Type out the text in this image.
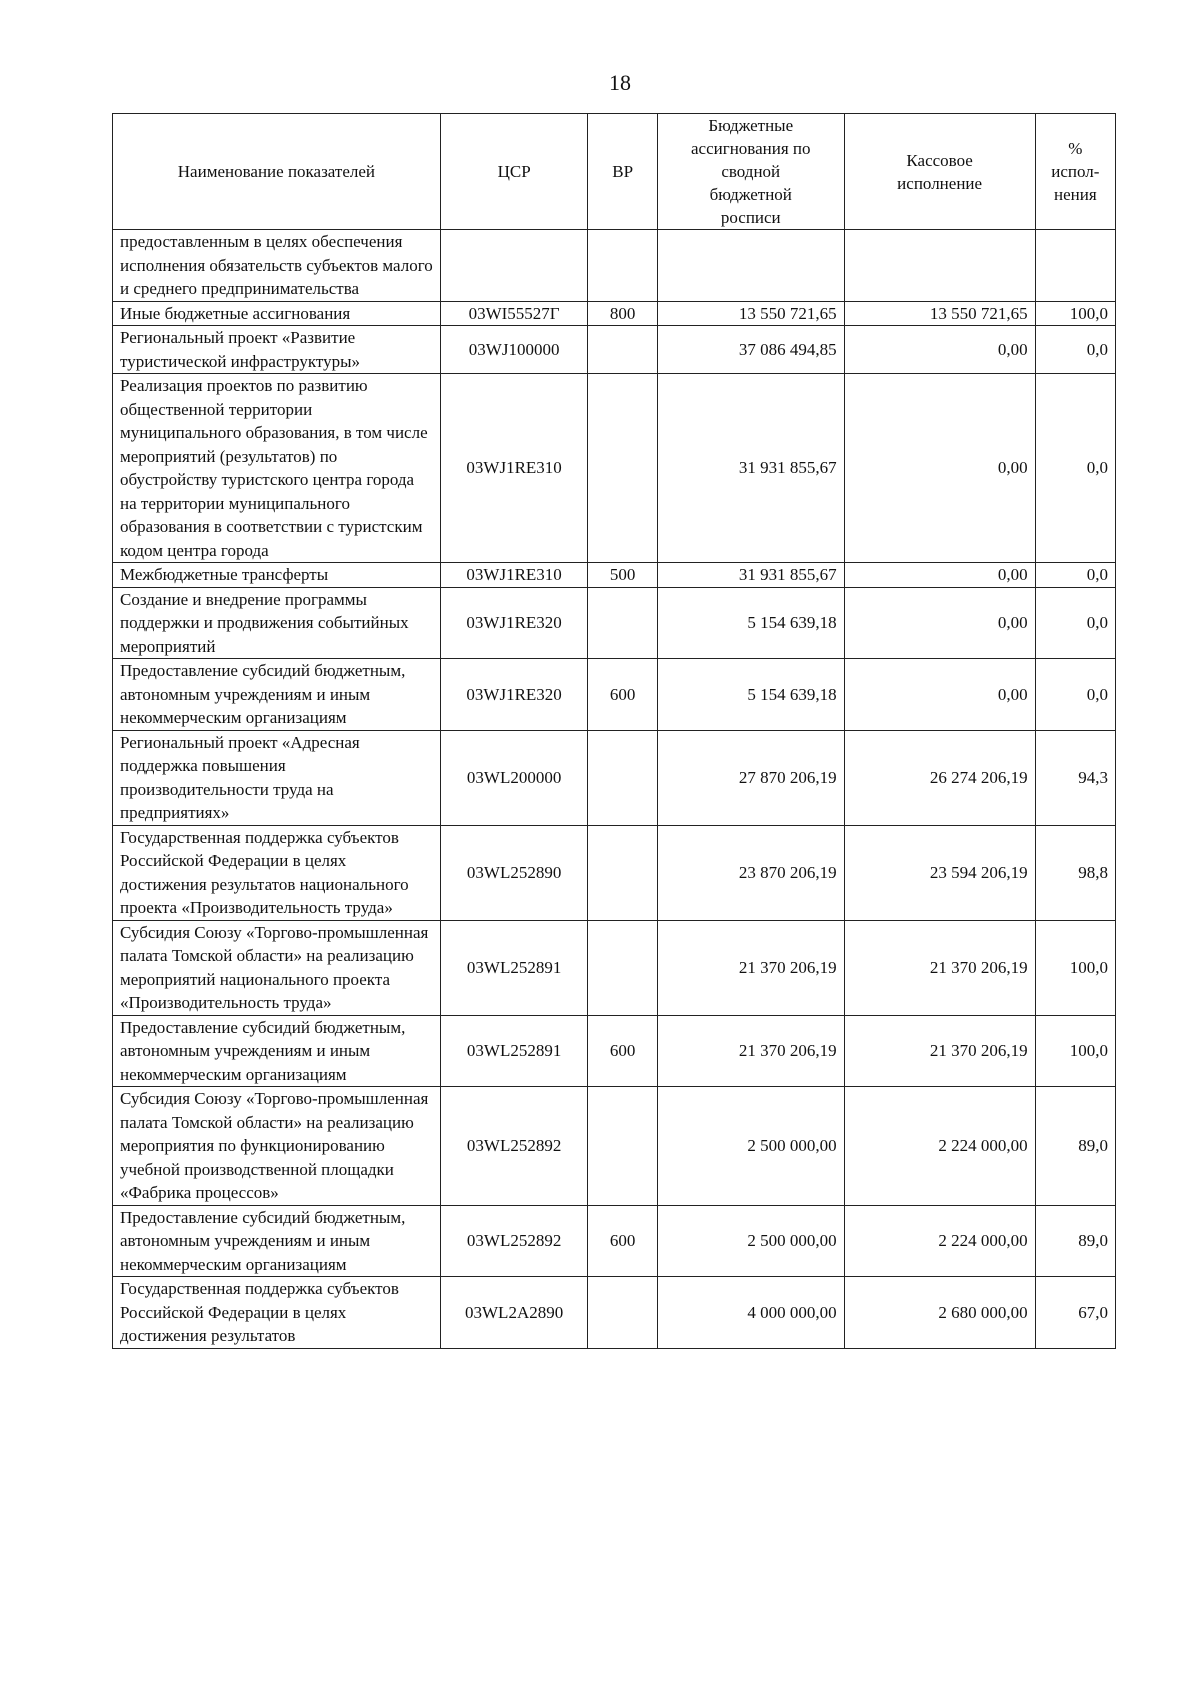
18
Наименование показателей	ЦСР	ВР	Бюджетные ассигнования по сводной бюджетной росписи	Кассовое исполнение	% испол-нения

предоставленным в целях обеспечения исполнения обязательств субъектов малого и среднего предпринимательства					
Иные бюджетные ассигнования	03WI55527Г	800	13 550 721,65	13 550 721,65	100,0
Региональный проект «Развитие туристической инфраструктуры»	03WJ100000		37 086 494,85	0,00	0,0
Реализация проектов по развитию общественной территории муниципального образования, в том числе мероприятий (результатов) по обустройству туристского центра города на территории муниципального образования в соответствии с туристским кодом центра города	03WJ1RE310		31 931 855,67	0,00	0,0
Межбюджетные трансферты	03WJ1RE310	500	31 931 855,67	0,00	0,0
Создание и внедрение программы поддержки и продвижения событийных мероприятий	03WJ1RE320		5 154 639,18	0,00	0,0
Предоставление субсидий бюджетным, автономным учреждениям и иным некоммерческим организациям	03WJ1RE320	600	5 154 639,18	0,00	0,0
Региональный проект «Адресная поддержка повышения производительности труда на предприятиях»	03WL200000		27 870 206,19	26 274 206,19	94,3
Государственная поддержка субъектов Российской Федерации в целях достижения результатов национального проекта «Производительность труда»	03WL252890		23 870 206,19	23 594 206,19	98,8
Субсидия Союзу «Торгово-промышленная палата Томской области» на реализацию мероприятий национального проекта «Производительность труда»	03WL252891		21 370 206,19	21 370 206,19	100,0
Предоставление субсидий бюджетным, автономным учреждениям и иным некоммерческим организациям	03WL252891	600	21 370 206,19	21 370 206,19	100,0
Субсидия Союзу «Торгово-промышленная палата Томской области» на реализацию мероприятия по функционированию учебной производственной площадки «Фабрика процессов»	03WL252892		2 500 000,00	2 224 000,00	89,0
Предоставление субсидий бюджетным, автономным учреждениям и иным некоммерческим организациям	03WL252892	600	2 500 000,00	2 224 000,00	89,0
Государственная поддержка субъектов Российской Федерации в целях достижения результатов	03WL2A2890		4 000 000,00	2 680 000,00	67,0
